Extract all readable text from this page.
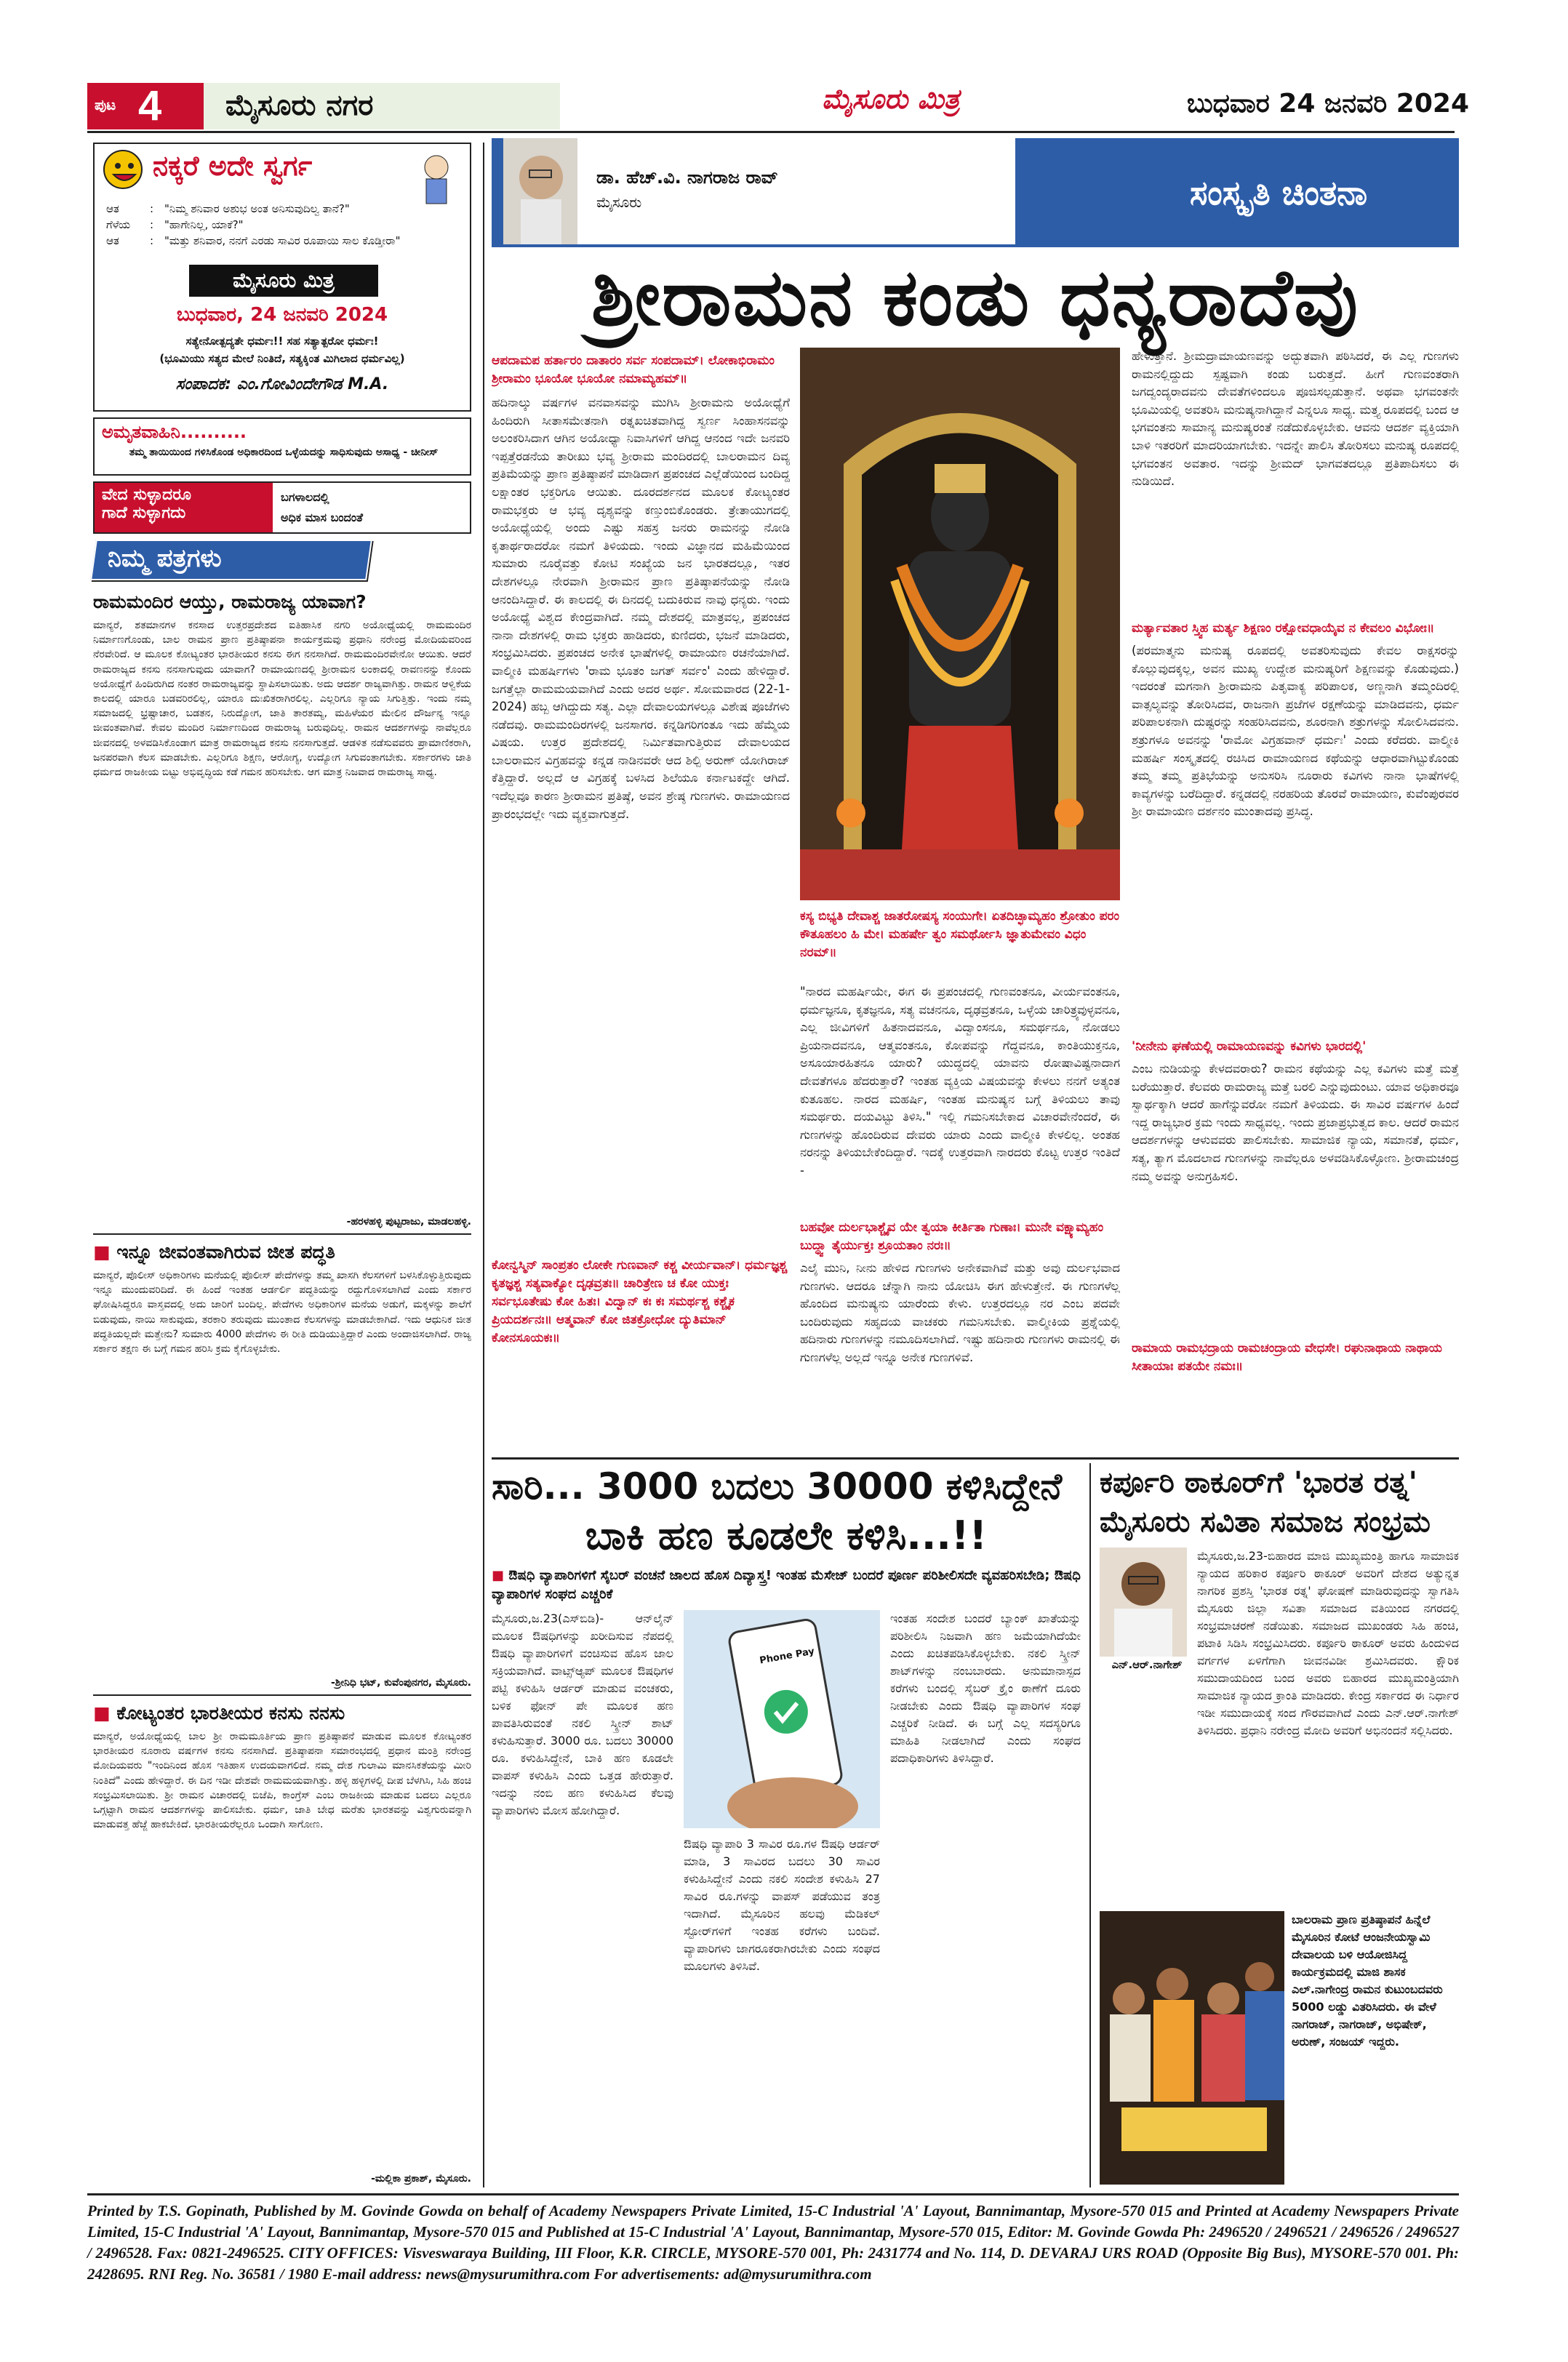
ಪುಟ 4 ಮೈಸೂರು ನಗರ	ಮೈಸೂರು ಮಿತ್ರ	ಬುಧವಾರ 24 ಜನವರಿ 2024
ನಕ್ಕರೆ ಅದೇ ಸ್ವರ್ಗ
ಆತ	: "ನಿಮ್ಮ ಶನಿವಾರ ಅಶುಭ ಅಂತ ಅನಿಸುವುದಿಲ್ವ ತಾನೆ?"
ಗೆಳೆಯ	: "ಹಾಗೇನಿಲ್ಲ, ಯಾಕೆ?"
ಆತ	: "ಮತ್ತು ಶನಿವಾರ, ನನಗೆ ಎರಡು ಸಾವಿರ ರೂಪಾಯಿ ಸಾಲ ಕೊಡ್ತೀರಾ"
ಮೈಸೂರು ಮಿತ್ರ
ಬುಧವಾರ, 24 ಜನವರಿ 2024
ಸತ್ಯೇನೋತ್ಪದ್ಯತೇ ಧರ್ಮಃ!! ಸಹ ಸತ್ಯಾತ್ಪರೋ ಧರ್ಮಃ!
(ಭೂಮಿಯು ಸತ್ಯದ ಮೇಲೆ ನಿಂತಿದೆ, ಸತ್ಯಕ್ಕಿಂತ ಮಿಗಿಲಾದ ಧರ್ಮವಿಲ್ಲ)
ಸಂಪಾದಕ: ಎಂ.ಗೋವಿಂದೇಗೌಡ M.A.
ಅಮೃತವಾಹಿನಿ..........
ತಮ್ಮ ತಾಯಿಯಿಂದ ಗಳಿಸಿಕೊಂಡ ಅಧಿಕಾರದಿಂದ ಒಳ್ಳೆಯದನ್ನು ಸಾಧಿಸುವುದು ಅಸಾಧ್ಯ - ಚೀನೀಸ್
ವೇದ ಸುಳ್ಳಾದರೂ
ಗಾದೆ ಸುಳ್ಳಾಗದು
ಬಗಳಾಲದಲ್ಲಿ
ಅಧಿಕ ಮಾಸ ಬಂದಂತೆ
ನಿಮ್ಮ ಪತ್ರಗಳು
ರಾಮಮಂದಿರ ಆಯ್ತು, ರಾಮರಾಜ್ಯ ಯಾವಾಗ?
ಮಾನ್ಯರೆ, ಶತಮಾನಗಳ ಕನಸಾದ ಉತ್ತರಪ್ರದೇಶದ ಐತಿಹಾಸಿಕ ನಗರಿ ಅಯೋಧ್ಯೆಯಲ್ಲಿ ರಾಮಮಂದಿರ ನಿರ್ಮಾಣಗೊಂಡು, ಬಾಲ ರಾಮನ ಪ್ರಾಣ ಪ್ರತಿಷ್ಠಾಪನಾ ಕಾರ್ಯಕ್ರಮವು ಪ್ರಧಾನಿ ನರೇಂದ್ರ ಮೋದಿಯವರಿಂದ ನೆರವೇರಿದೆ. ಆ ಮೂಲಕ ಕೋಟ್ಯಂತರ ಭಾರತೀಯರ ಕನಸು ಈಗ ನನಸಾಗಿದೆ. ರಾಮಮಂದಿರವೇನೋ ಆಯಿತು. ಆದರೆ ರಾಮರಾಜ್ಯದ ಕನಸು ನನಸಾಗುವುದು ಯಾವಾಗ? ರಾಮಾಯಣದಲ್ಲಿ ಶ್ರೀರಾಮನ ಲಂಕಾದಲ್ಲಿ ರಾವಣನನ್ನು ಕೊಂದು ಅಯೋಧ್ಯೆಗೆ ಹಿಂದಿರುಗಿದ ನಂತರ ರಾಮರಾಜ್ಯವನ್ನು ಸ್ಥಾಪಿಸಲಾಯಿತು. ಅದು ಆದರ್ಶ ರಾಜ್ಯವಾಗಿತ್ತು. ರಾಮನ ಆಳ್ವಿಕೆಯ ಕಾಲದಲ್ಲಿ ಯಾರೂ ಬಡವರಿರಲಿಲ್ಲ, ಯಾರೂ ದುಃಖಿತರಾಗಿರಲಿಲ್ಲ. ಎಲ್ಲರಿಗೂ ನ್ಯಾಯ ಸಿಗುತ್ತಿತ್ತು. ಇಂದು ನಮ್ಮ ಸಮಾಜದಲ್ಲಿ ಭ್ರಷ್ಟಾಚಾರ, ಬಡತನ, ನಿರುದ್ಯೋಗ, ಜಾತಿ ತಾರತಮ್ಯ, ಮಹಿಳೆಯರ ಮೇಲಿನ ದೌರ್ಜನ್ಯ ಇನ್ನೂ ಜೀವಂತವಾಗಿವೆ. ಕೇವಲ ಮಂದಿರ ನಿರ್ಮಾಣದಿಂದ ರಾಮರಾಜ್ಯ ಬರುವುದಿಲ್ಲ. ರಾಮನ ಆದರ್ಶಗಳನ್ನು ನಾವೆಲ್ಲರೂ ಜೀವನದಲ್ಲಿ ಅಳವಡಿಸಿಕೊಂಡಾಗ ಮಾತ್ರ ರಾಮರಾಜ್ಯದ ಕನಸು ನನಸಾಗುತ್ತದೆ. ಆಡಳಿತ ನಡೆಸುವವರು ಪ್ರಾಮಾಣಿಕರಾಗಿ, ಜನಪರವಾಗಿ ಕೆಲಸ ಮಾಡಬೇಕು. ಎಲ್ಲರಿಗೂ ಶಿಕ್ಷಣ, ಆರೋಗ್ಯ, ಉದ್ಯೋಗ ಸಿಗುವಂತಾಗಬೇಕು. ಸರ್ಕಾರಗಳು ಜಾತಿ ಧರ್ಮದ ರಾಜಕೀಯ ಬಿಟ್ಟು ಅಭಿವೃದ್ಧಿಯ ಕಡೆ ಗಮನ ಹರಿಸಬೇಕು. ಆಗ ಮಾತ್ರ ನಿಜವಾದ ರಾಮರಾಜ್ಯ ಸಾಧ್ಯ.
-ಹರಳಹಳ್ಳಿ ಪುಟ್ಟರಾಜು, ಮಾಡಲಹಳ್ಳಿ.
■ ಇನ್ನೂ ಜೀವಂತವಾಗಿರುವ ಜೀತ ಪದ್ಧತಿ
ಮಾನ್ಯರೆ, ಪೊಲೀಸ್ ಅಧಿಕಾರಿಗಳು ಮನೆಯಲ್ಲಿ ಪೊಲೀಸ್ ಪೇದೆಗಳನ್ನು ತಮ್ಮ ಖಾಸಗಿ ಕೆಲಸಗಳಿಗೆ ಬಳಸಿಕೊಳ್ಳುತ್ತಿರುವುದು ಇನ್ನೂ ಮುಂದುವರಿದಿದೆ. ಈ ಹಿಂದೆ ಇಂತಹ ಆರ್ಡರ್ಲಿ ಪದ್ಧತಿಯನ್ನು ರದ್ದುಗೊಳಿಸಲಾಗಿದೆ ಎಂದು ಸರ್ಕಾರ ಘೋಷಿಸಿದ್ದರೂ ವಾಸ್ತವದಲ್ಲಿ ಅದು ಜಾರಿಗೆ ಬಂದಿಲ್ಲ. ಪೇದೆಗಳು ಅಧಿಕಾರಿಗಳ ಮನೆಯ ಅಡುಗೆ, ಮಕ್ಕಳನ್ನು ಶಾಲೆಗೆ ಬಿಡುವುದು, ನಾಯಿ ಸಾಕುವುದು, ತರಕಾರಿ ತರುವುದು ಮುಂತಾದ ಕೆಲಸಗಳನ್ನು ಮಾಡಬೇಕಾಗಿದೆ. ಇದು ಆಧುನಿಕ ಜೀತ ಪದ್ಧತಿಯಲ್ಲದೇ ಮತ್ತೇನು? ಸುಮಾರು 4000 ಪೇದೆಗಳು ಈ ರೀತಿ ದುಡಿಯುತ್ತಿದ್ದಾರೆ ಎಂದು ಅಂದಾಜಿಸಲಾಗಿದೆ. ರಾಜ್ಯ ಸರ್ಕಾರ ತಕ್ಷಣ ಈ ಬಗ್ಗೆ ಗಮನ ಹರಿಸಿ ಕ್ರಮ ಕೈಗೊಳ್ಳಬೇಕು.
-ಶ್ರೀನಿಧಿ ಭಟ್, ಕುವೆಂಪುನಗರ, ಮೈಸೂರು.
■ ಕೋಟ್ಯಂತರ ಭಾರತೀಯರ ಕನಸು ನನಸು
ಮಾನ್ಯರೆ, ಅಯೋಧ್ಯೆಯಲ್ಲಿ ಬಾಲ ಶ್ರೀ ರಾಮಮೂರ್ತಿಯ ಪ್ರಾಣ ಪ್ರತಿಷ್ಠಾಪನೆ ಮಾಡುವ ಮೂಲಕ ಕೋಟ್ಯಂತರ ಭಾರತೀಯರ ನೂರಾರು ವರ್ಷಗಳ ಕನಸು ನನಸಾಗಿದೆ. ಪ್ರತಿಷ್ಠಾಪನಾ ಸಮಾರಂಭದಲ್ಲಿ ಪ್ರಧಾನ ಮಂತ್ರಿ ನರೇಂದ್ರ ಮೋದಿಯವರು "ಇಂದಿನಿಂದ ಹೊಸ ಇತಿಹಾಸ ಉದಯವಾಗಲಿದೆ. ನಮ್ಮ ದೇಶ ಗುಲಾಮಿ ಮಾನಸಿಕತೆಯನ್ನು ಮೀರಿ ನಿಂತಿದೆ" ಎಂದು ಹೇಳಿದ್ದಾರೆ. ಈ ದಿನ ಇಡೀ ದೇಶವೇ ರಾಮಮಯವಾಗಿತ್ತು. ಹಳ್ಳಿ ಹಳ್ಳಿಗಳಲ್ಲಿ ದೀಪ ಬೆಳಗಿಸಿ, ಸಿಹಿ ಹಂಚಿ ಸಂಭ್ರಮಿಸಲಾಯಿತು. ಶ್ರೀ ರಾಮನ ವಿಚಾರದಲ್ಲಿ ಬಿಜೆಪಿ, ಕಾಂಗ್ರೆಸ್ ಎಂಬ ರಾಜಕೀಯ ಮಾಡುವ ಬದಲು ಎಲ್ಲರೂ ಒಗ್ಗಟ್ಟಾಗಿ ರಾಮನ ಆದರ್ಶಗಳನ್ನು ಪಾಲಿಸಬೇಕು. ಧರ್ಮ, ಜಾತಿ ಬೇಧ ಮರೆತು ಭಾರತವನ್ನು ವಿಶ್ವಗುರುವನ್ನಾಗಿ ಮಾಡುವತ್ತ ಹೆಜ್ಜೆ ಹಾಕಬೇಕಿದೆ. ಭಾರತೀಯರೆಲ್ಲರೂ ಒಂದಾಗಿ ಸಾಗೋಣ.
-ಮಲ್ಲಿಕಾ ಪ್ರಕಾಶ್, ಮೈಸೂರು.
ಡಾ. ಹೆಚ್.ವಿ. ನಾಗರಾಜ ರಾವ್
ಮೈಸೂರು	ಸಂಸ್ಕೃತಿ ಚಿಂತನಾ
ಶ್ರೀರಾಮನ ಕಂಡು ಧನ್ಯರಾದೆವು
ಆಪದಾಮಪ ಹರ್ತಾರಂ ದಾತಾರಂ ಸರ್ವ ಸಂಪದಾಮ್। ಲೋಕಾಭಿರಾಮಂ ಶ್ರೀರಾಮಂ ಭೂಯೋ ಭೂಯೋ ನಮಾಮ್ಯಹಮ್॥
ಹದಿನಾಲ್ಕು ವರ್ಷಗಳ ವನವಾಸವನ್ನು ಮುಗಿಸಿ ಶ್ರೀರಾಮನು ಅಯೋಧ್ಯೆಗೆ ಹಿಂದಿರುಗಿ ಸೀತಾಸಮೇತನಾಗಿ ರತ್ನಖಚಿತವಾಗಿದ್ದ ಸ್ವರ್ಣ ಸಿಂಹಾಸನವನ್ನು ಅಲಂಕರಿಸಿದಾಗ ಆಗಿನ ಅಯೋಧ್ಯಾ ನಿವಾಸಿಗಳಿಗೆ ಆಗಿದ್ದ ಆನಂದ ಇದೇ ಜನವರಿ ಇಪ್ಪತ್ತೆರಡನೆಯ ತಾರೀಖು ಭವ್ಯ ಶ್ರೀರಾಮ ಮಂದಿರದಲ್ಲಿ ಬಾಲರಾಮನ ದಿವ್ಯ ಪ್ರತಿಮೆಯನ್ನು ಪ್ರಾಣ ಪ್ರತಿಷ್ಠಾಪನೆ ಮಾಡಿದಾಗ ಪ್ರಪಂಚದ ಎಲ್ಲೆಡೆಯಿಂದ ಬಂದಿದ್ದ ಲಕ್ಷಾಂತರ ಭಕ್ತರಿಗೂ ಆಯಿತು. ದೂರದರ್ಶನದ ಮೂಲಕ ಕೋಟ್ಯಂತರ ರಾಮಭಕ್ತರು ಆ ಭವ್ಯ ದೃಶ್ಯವನ್ನು ಕಣ್ತುಂಬಿಕೊಂಡರು. ತ್ರೇತಾಯುಗದಲ್ಲಿ ಅಯೋಧ್ಯೆಯಲ್ಲಿ ಅಂದು ಎಷ್ಟು ಸಹಸ್ರ ಜನರು ರಾಮನನ್ನು ನೋಡಿ ಕೃತಾರ್ಥರಾದರೋ ನಮಗೆ ತಿಳಿಯದು. ಇಂದು ವಿಜ್ಞಾನದ ಮಹಿಮೆಯಿಂದ ಸುಮಾರು ನೂರೈವತ್ತು ಕೋಟಿ ಸಂಖ್ಯೆಯ ಜನ ಭಾರತದಲ್ಲೂ, ಇತರ ದೇಶಗಳಲ್ಲೂ ನೇರವಾಗಿ ಶ್ರೀರಾಮನ ಪ್ರಾಣ ಪ್ರತಿಷ್ಠಾಪನೆಯನ್ನು ನೋಡಿ ಆನಂದಿಸಿದ್ದಾರೆ. ಈ ಕಾಲದಲ್ಲಿ ಈ ದಿನದಲ್ಲಿ ಬದುಕಿರುವ ನಾವು ಧನ್ಯರು. ಇಂದು ಅಯೋಧ್ಯೆ ವಿಶ್ವದ ಕೇಂದ್ರವಾಗಿದೆ. ನಮ್ಮ ದೇಶದಲ್ಲಿ ಮಾತ್ರವಲ್ಲ, ಪ್ರಪಂಚದ ನಾನಾ ದೇಶಗಳಲ್ಲಿ ರಾಮ ಭಕ್ತರು ಹಾಡಿದರು, ಕುಣಿದರು, ಭಜನೆ ಮಾಡಿದರು, ಸಂಭ್ರಮಿಸಿದರು. ಪ್ರಪಂಚದ ಅನೇಕ ಭಾಷೆಗಳಲ್ಲಿ ರಾಮಾಯಣ ರಚನೆಯಾಗಿದೆ. ವಾಲ್ಮೀಕಿ ಮಹರ್ಷಿಗಳು 'ರಾಮ ಭೂತಂ ಜಗತ್ ಸರ್ವಂ' ಎಂದು ಹೇಳಿದ್ದಾರೆ. ಜಗತ್ತೆಲ್ಲಾ ರಾಮಮಯವಾಗಿದೆ ಎಂದು ಅದರ ಅರ್ಥ. ಸೋಮವಾರದ (22-1-2024) ಹಬ್ಬ ಆಗಿದ್ದುದು ಸತ್ಯ. ಎಲ್ಲಾ ದೇವಾಲಯಗಳಲ್ಲೂ ವಿಶೇಷ ಪೂಜೆಗಳು ನಡೆದವು. ರಾಮಮಂದಿರಗಳಲ್ಲಿ ಜನಸಾಗರ. ಕನ್ನಡಿಗರಿಗಂತೂ ಇದು ಹೆಮ್ಮೆಯ ವಿಷಯ. ಉತ್ತರ ಪ್ರದೇಶದಲ್ಲಿ ನಿರ್ಮಿತವಾಗುತ್ತಿರುವ ದೇವಾಲಯದ ಬಾಲರಾಮನ ವಿಗ್ರಹವನ್ನು ಕನ್ನಡ ನಾಡಿನವರೇ ಆದ ಶಿಲ್ಪಿ ಅರುಣ್ ಯೋಗಿರಾಜ್ ಕೆತ್ತಿದ್ದಾರೆ. ಅಲ್ಲದೆ ಆ ವಿಗ್ರಹಕ್ಕೆ ಬಳಸಿದ ಶಿಲೆಯೂ ಕರ್ನಾಟಕದ್ದೇ ಆಗಿದೆ. ಇದೆಲ್ಲವೂ ಕಾರಣ ಶ್ರೀರಾಮನ ಪ್ರತಿಷ್ಠೆ, ಅವನ ಶ್ರೇಷ್ಠ ಗುಣಗಳು. ರಾಮಾಯಣದ ಪ್ರಾರಂಭದಲ್ಲೇ ಇದು ವ್ಯಕ್ತವಾಗುತ್ತದೆ.
ಕೋನ್ವಸ್ಮಿನ್ ಸಾಂಪ್ರತಂ ಲೋಕೇ ಗುಣವಾನ್ ಕಶ್ಚ ವೀರ್ಯವಾನ್। ಧರ್ಮಜ್ಞಶ್ಚ ಕೃತಜ್ಞಶ್ಚ ಸತ್ಯವಾಕ್ಯೋ ದೃಢವ್ರತಃ॥ ಚಾರಿತ್ರೇಣ ಚ ಕೋ ಯುಕ್ತಃ ಸರ್ವಭೂತೇಷು ಕೋ ಹಿತಃ। ವಿದ್ವಾನ್ ಕಃ ಕಃ ಸಮರ್ಥಶ್ಚ ಕಶ್ಚೈಕ ಪ್ರಿಯದರ್ಶನಃ॥ ಆತ್ಮವಾನ್ ಕೋ ಜಿತಕ್ರೋಧೋ ದ್ಯುತಿಮಾನ್ ಕೋನಸೂಯಕಃ॥
ಕಸ್ಯ ಬಿಭ್ಯತಿ ದೇವಾಶ್ಚ ಜಾತರೋಷಸ್ಯ ಸಂಯುಗೇ। ಏತದಿಚ್ಛಾಮ್ಯಹಂ ಶ್ರೋತುಂ ಪರಂ ಕೌತೂಹಲಂ ಹಿ ಮೇ। ಮಹರ್ಷೇ ತ್ವಂ ಸಮರ್ಥೋಸಿ ಜ್ಞಾತುಮೇವಂ ವಿಧಂ ನರಮ್॥
"ನಾರದ ಮಹರ್ಷಿಯೇ, ಈಗ ಈ ಪ್ರಪಂಚದಲ್ಲಿ ಗುಣವಂತನೂ, ವೀರ್ಯವಂತನೂ, ಧರ್ಮಜ್ಞನೂ, ಕೃತಜ್ಞನೂ, ಸತ್ಯ ವಚನನೂ, ದೃಢವ್ರತನೂ, ಒಳ್ಳೆಯ ಚಾರಿತ್ರ್ಯವುಳ್ಳವನೂ, ಎಲ್ಲ ಜೀವಿಗಳಿಗೆ ಹಿತನಾದವನೂ, ವಿದ್ವಾಂಸನೂ, ಸಮರ್ಥನೂ, ನೋಡಲು ಪ್ರಿಯನಾದವನೂ, ಆತ್ಮವಂತನೂ, ಕೋಪವನ್ನು ಗೆದ್ದವನೂ, ಕಾಂತಿಯುಕ್ತನೂ, ಅಸೂಯಾರಹಿತನೂ ಯಾರು? ಯುದ್ಧದಲ್ಲಿ ಯಾವನು ರೋಷಾವಿಷ್ಟನಾದಾಗ ದೇವತೆಗಳೂ ಹೆದರುತ್ತಾರೆ? ಇಂತಹ ವ್ಯಕ್ತಿಯ ವಿಷಯವನ್ನು ಕೇಳಲು ನನಗೆ ಅತ್ಯಂತ ಕುತೂಹಲ. ನಾರದ ಮಹರ್ಷಿ, ಇಂತಹ ಮನುಷ್ಯನ ಬಗ್ಗೆ ತಿಳಿಯಲು ತಾವು ಸಮರ್ಥರು. ದಯವಿಟ್ಟು ತಿಳಿಸಿ." ಇಲ್ಲಿ ಗಮನಿಸಬೇಕಾದ ವಿಚಾರವೇನೆಂದರೆ, ಈ ಗುಣಗಳನ್ನು ಹೊಂದಿರುವ ದೇವರು ಯಾರು ಎಂದು ವಾಲ್ಮೀಕಿ ಕೇಳಲಿಲ್ಲ. ಅಂತಹ ನರನನ್ನು ತಿಳಿಯಬೇಕೆಂದಿದ್ದಾರೆ. ಇದಕ್ಕೆ ಉತ್ತರವಾಗಿ ನಾರದರು ಕೊಟ್ಟ ಉತ್ತರ ಇಂತಿದೆ -
ಬಹವೋ ದುರ್ಲಭಾಶ್ಚೈವ ಯೇ ತ್ವಯಾ ಕೀರ್ತಿತಾ ಗುಣಾಃ। ಮುನೇ ವಕ್ಷ್ಯಾಮ್ಯಹಂ ಬುದ್ಧ್ವಾ ತೈರ್ಯುಕ್ತಃ ಶ್ರೂಯತಾಂ ನರಃ॥
ಎಲೈ ಮುನಿ, ನೀನು ಹೇಳಿದ ಗುಣಗಳು ಅನೇಕವಾಗಿವೆ ಮತ್ತು ಅವು ದುರ್ಲಭವಾದ ಗುಣಗಳು. ಆದರೂ ಚೆನ್ನಾಗಿ ನಾನು ಯೋಚಿಸಿ ಈಗ ಹೇಳುತ್ತೇನೆ. ಈ ಗುಣಗಳೆಲ್ಲ ಹೊಂದಿದ ಮನುಷ್ಯನು ಯಾರೆಂದು ಕೇಳು. ಉತ್ತರದಲ್ಲೂ ನರ ಎಂಬ ಪದವೇ ಬಂದಿರುವುದು ಸಹೃದಯ ವಾಚಕರು ಗಮನಿಸಬೇಕು. ವಾಲ್ಮೀಕಿಯ ಪ್ರಶ್ನೆಯಲ್ಲಿ ಹದಿನಾರು ಗುಣಗಳನ್ನು ನಮೂದಿಸಲಾಗಿದೆ. ಇಷ್ಟು ಹದಿನಾರು ಗುಣಗಳು ರಾಮನಲ್ಲಿ ಈ ಗುಣಗಳೆಲ್ಲ ಅಲ್ಲದೆ ಇನ್ನೂ ಅನೇಕ ಗುಣಗಳಿವೆ.
ಹೇಳುತ್ತಾನೆ. ಶ್ರೀಮದ್ರಾಮಾಯಣವನ್ನು ಅದ್ಭುತವಾಗಿ ಪಠಿಸಿದರೆ, ಈ ಎಲ್ಲ ಗುಣಗಳು ರಾಮನಲ್ಲಿದ್ದುದು ಸ್ಪಷ್ಟವಾಗಿ ಕಂಡು ಬರುತ್ತದೆ. ಹೀಗೆ ಗುಣವಂತರಾಗಿ ಜಗದ್ವಂದ್ಯರಾದವನು ದೇವತೆಗಳಿಂದಲೂ ಪೂಜಿಸಲ್ಪಡುತ್ತಾನೆ. ಅಥವಾ ಭಗವಂತನೇ ಭೂಮಿಯಲ್ಲಿ ಅವತರಿಸಿ ಮನುಷ್ಯನಾಗಿದ್ದಾನೆ ಎನ್ನಲೂ ಸಾಧ್ಯ. ಮತ್ತ್ಯ ರೂಪದಲ್ಲಿ ಬಂದ ಆ ಭಗವಂತನು ಸಾಮಾನ್ಯ ಮನುಷ್ಯರಂತೆ ನಡೆದುಕೊಳ್ಳಬೇಕು. ಆವನು ಆದರ್ಶ ವ್ಯಕ್ತಿಯಾಗಿ ಬಾಳಿ ಇತರರಿಗೆ ಮಾದರಿಯಾಗಬೇಕು. ಇದನ್ನೇ ಪಾಲಿಸಿ ತೋರಿಸಲು ಮನುಷ್ಯ ರೂಪದಲ್ಲಿ ಭಗವಂತನ ಅವತಾರ. ಇದನ್ನು ಶ್ರೀಮದ್ ಭಾಗವತದಲ್ಲೂ ಪ್ರತಿಪಾದಿಸಲು ಈ ನುಡಿಯಿದೆ.
ಮರ್ತ್ಯಾವತಾರ ಸ್ತ್ವಿಹ ಮರ್ತ್ಯ ಶಿಕ್ಷಣಂ ರಕ್ಷೋವಧಾಯೈವ ನ ಕೇವಲಂ ವಿಭೋಃ॥
(ಪರಮಾತ್ಮನು ಮನುಷ್ಯ ರೂಪದಲ್ಲಿ ಅವತರಿಸುವುದು ಕೇವಲ ರಾಕ್ಷಸರನ್ನು ಕೊಲ್ಲುವುದಕ್ಕಲ್ಲ, ಅವನ ಮುಖ್ಯ ಉದ್ದೇಶ ಮನುಷ್ಯರಿಗೆ ಶಿಕ್ಷಣವನ್ನು ಕೊಡುವುದು.) ಇದರಂತೆ ಮಗನಾಗಿ ಶ್ರೀರಾಮನು ಪಿತೃವಾಕ್ಯ ಪರಿಪಾಲಕ, ಅಣ್ಣನಾಗಿ ತಮ್ಮಂದಿರಲ್ಲಿ ವಾತ್ಸಲ್ಯವನ್ನು ತೋರಿಸಿದವ, ರಾಜನಾಗಿ ಪ್ರಜೆಗಳ ರಕ್ಷಣೆಯನ್ನು ಮಾಡಿದವನು, ಧರ್ಮ ಪರಿಪಾಲಕನಾಗಿ ದುಷ್ಟರನ್ನು ಸಂಹರಿಸಿದವನು, ಶೂರನಾಗಿ ಶತ್ರುಗಳನ್ನು ಸೋಲಿಸಿದವನು. ಶತ್ರುಗಳೂ ಅವನನ್ನು 'ರಾಮೋ ವಿಗ್ರಹವಾನ್ ಧರ್ಮಃ' ಎಂದು ಕರೆದರು. ವಾಲ್ಮೀಕಿ ಮಹರ್ಷಿ ಸಂಸ್ಕೃತದಲ್ಲಿ ರಚಿಸಿದ ರಾಮಾಯಣದ ಕಥೆಯನ್ನು ಆಧಾರವಾಗಿಟ್ಟುಕೊಂಡು ತಮ್ಮ ತಮ್ಮ ಪ್ರತಿಭೆಯನ್ನು ಅನುಸರಿಸಿ ನೂರಾರು ಕವಿಗಳು ನಾನಾ ಭಾಷೆಗಳಲ್ಲಿ ಕಾವ್ಯಗಳನ್ನು ಬರೆದಿದ್ದಾರೆ. ಕನ್ನಡದಲ್ಲಿ ನರಹರಿಯ ತೊರವೆ ರಾಮಾಯಣ, ಕುವೆಂಪುರವರ ಶ್ರೀ ರಾಮಾಯಣ ದರ್ಶನಂ ಮುಂತಾದವು ಪ್ರಸಿದ್ಧ.
'ನೀನೇನು ಘಣೆಯಲ್ಲಿ ರಾಮಾಯಣವನ್ನು ಕವಿಗಳು ಭಾರದಲ್ಲಿ'
ಎಂಬ ನುಡಿಯನ್ನು ಕೇಳದವರಾರು? ರಾಮನ ಕಥೆಯನ್ನು ಎಲ್ಲ ಕವಿಗಳು ಮತ್ತೆ ಮತ್ತೆ ಬರೆಯುತ್ತಾರೆ. ಕೆಲವರು ರಾಮರಾಜ್ಯ ಮತ್ತೆ ಬರಲಿ ಎನ್ನುವುದುಂಟು. ಯಾವ ಅಧಿಕಾರವೂ ಸ್ವಾರ್ಥಕ್ಕಾಗಿ ಆದರೆ ಹಾಗೆನ್ನುವರೋ ನಮಗೆ ತಿಳಿಯದು. ಈ ಸಾವಿರ ವರ್ಷಗಳ ಹಿಂದೆ ಇದ್ದ ರಾಜ್ಯಭಾರ ಕ್ರಮ ಇಂದು ಸಾಧ್ಯವಲ್ಲ. ಇಂದು ಪ್ರಜಾಪ್ರಭುತ್ವದ ಕಾಲ. ಆದರೆ ರಾಮನ ಆದರ್ಶಗಳನ್ನು ಆಳುವವರು ಪಾಲಿಸಬೇಕು. ಸಾಮಾಜಿಕ ನ್ಯಾಯ, ಸಮಾನತೆ, ಧರ್ಮ, ಸತ್ಯ, ತ್ಯಾಗ ಮೊದಲಾದ ಗುಣಗಳನ್ನು ನಾವೆಲ್ಲರೂ ಅಳವಡಿಸಿಕೊಳ್ಳೋಣ. ಶ್ರೀರಾಮಚಂದ್ರ ನಮ್ಮ ಅವನ್ನು ಅನುಗ್ರಹಿಸಲಿ.
ರಾಮಾಯ ರಾಮಭದ್ರಾಯ ರಾಮಚಂದ್ರಾಯ ವೇಧಸೇ। ರಘುನಾಥಾಯ ನಾಥಾಯ ಸೀತಾಯಾಃ ಪತಯೇ ನಮಃ॥
ಸಾರಿ... 3000 ಬದಲು 30000 ಕಳಿಸಿದ್ದೇನೆ
ಬಾಕಿ ಹಣ ಕೂಡಲೇ ಕಳಿಸಿ...!!
■ ಔಷಧಿ ವ್ಯಾಪಾರಿಗಳಿಗೆ ಸೈಬರ್ ವಂಚನೆ ಜಾಲದ ಹೊಸ ದಿವ್ಯಾಸ್ತ್ರ! ಇಂತಹ ಮೆಸೇಜ್ ಬಂದರೆ ಪೂರ್ಣ ಪರಿಶೀಲಿಸದೇ ವ್ಯವಹರಿಸಬೇಡಿ; ಔಷಧಿ ವ್ಯಾಪಾರಿಗಳ ಸಂಘದ ಎಚ್ಚರಿಕೆ
ಮೈಸೂರು,ಜ.23(ಎಸ್‌ಬಿಡಿ)- ಆನ್‌ಲೈನ್ ಮೂಲಕ ಔಷಧಿಗಳನ್ನು ಖರೀದಿಸುವ ನೆಪದಲ್ಲಿ ಔಷಧಿ ವ್ಯಾಪಾರಿಗಳಿಗೆ ವಂಚಿಸುವ ಹೊಸ ಜಾಲ ಸಕ್ರಿಯವಾಗಿದೆ. ವಾಟ್ಸ್‌ಆ್ಯಪ್ ಮೂಲಕ ಔಷಧಿಗಳ ಪಟ್ಟಿ ಕಳುಹಿಸಿ ಆರ್ಡರ್ ಮಾಡುವ ವಂಚಕರು, ಬಳಿಕ ಫೋನ್ ಪೇ ಮೂಲಕ ಹಣ ಪಾವತಿಸಿರುವಂತೆ ನಕಲಿ ಸ್ಕ್ರೀನ್ ಶಾಟ್ ಕಳುಹಿಸುತ್ತಾರೆ. 3000 ರೂ. ಬದಲು 30000 ರೂ. ಕಳುಹಿಸಿದ್ದೇನೆ, ಬಾಕಿ ಹಣ ಕೂಡಲೇ ವಾಪಸ್ ಕಳುಹಿಸಿ ಎಂದು ಒತ್ತಡ ಹೇರುತ್ತಾರೆ. ಇದನ್ನು ನಂಬಿ ಹಣ ಕಳುಹಿಸಿದ ಕೆಲವು ವ್ಯಾಪಾರಿಗಳು ಮೋಸ ಹೋಗಿದ್ದಾರೆ.
Phone Pay
ಇಂತಹ ಸಂದೇಶ ಬಂದರೆ ಬ್ಯಾಂಕ್ ಖಾತೆಯನ್ನು ಪರಿಶೀಲಿಸಿ ನಿಜವಾಗಿ ಹಣ ಜಮೆಯಾಗಿದೆಯೇ ಎಂದು ಖಚಿತಪಡಿಸಿಕೊಳ್ಳಬೇಕು. ನಕಲಿ ಸ್ಕ್ರೀನ್ ಶಾಟ್‌ಗಳನ್ನು ನಂಬಬಾರದು. ಅನುಮಾನಾಸ್ಪದ ಕರೆಗಳು ಬಂದಲ್ಲಿ ಸೈಬರ್ ಕ್ರೈಂ ಠಾಣೆಗೆ ದೂರು ನೀಡಬೇಕು ಎಂದು ಔಷಧಿ ವ್ಯಾಪಾರಿಗಳ ಸಂಘ ಎಚ್ಚರಿಕೆ ನೀಡಿದೆ. ಈ ಬಗ್ಗೆ ಎಲ್ಲ ಸದಸ್ಯರಿಗೂ ಮಾಹಿತಿ ನೀಡಲಾಗಿದೆ ಎಂದು ಸಂಘದ ಪದಾಧಿಕಾರಿಗಳು ತಿಳಿಸಿದ್ದಾರೆ.
ಔಷಧಿ ವ್ಯಾಪಾರಿ 3 ಸಾವಿರ ರೂ.ಗಳ ಔಷಧಿ ಆರ್ಡರ್ ಮಾಡಿ, 3 ಸಾವಿರದ ಬದಲು 30 ಸಾವಿರ ಕಳುಹಿಸಿದ್ದೇನೆ ಎಂದು ನಕಲಿ ಸಂದೇಶ ಕಳುಹಿಸಿ 27 ಸಾವಿರ ರೂ.ಗಳನ್ನು ವಾಪಸ್ ಪಡೆಯುವ ತಂತ್ರ ಇದಾಗಿದೆ. ಮೈಸೂರಿನ ಹಲವು ಮೆಡಿಕಲ್ ಸ್ಟೋರ್‌ಗಳಿಗೆ ಇಂತಹ ಕರೆಗಳು ಬಂದಿವೆ. ವ್ಯಾಪಾರಿಗಳು ಜಾಗರೂಕರಾಗಿರಬೇಕು ಎಂದು ಸಂಘದ ಮೂಲಗಳು ತಿಳಿಸಿವೆ.
ಕರ್ಪೂರಿ ಠಾಕೂರ್‌ಗೆ 'ಭಾರತ ರತ್ನ'
ಮೈಸೂರು ಸವಿತಾ ಸಮಾಜ ಸಂಭ್ರಮ
ಎನ್.ಆರ್.ನಾಗೇಶ್
ಮೈಸೂರು,ಜ.23-ಬಿಹಾರದ ಮಾಜಿ ಮುಖ್ಯಮಂತ್ರಿ ಹಾಗೂ ಸಾಮಾಜಿಕ ನ್ಯಾಯದ ಹರಿಕಾರ ಕರ್ಪೂರಿ ಠಾಕೂರ್ ಅವರಿಗೆ ದೇಶದ ಅತ್ಯುನ್ನತ ನಾಗರಿಕ ಪ್ರಶಸ್ತಿ 'ಭಾರತ ರತ್ನ' ಘೋಷಣೆ ಮಾಡಿರುವುದನ್ನು ಸ್ವಾಗತಿಸಿ ಮೈಸೂರು ಜಿಲ್ಲಾ ಸವಿತಾ ಸಮಾಜದ ವತಿಯಿಂದ ನಗರದಲ್ಲಿ ಸಂಭ್ರಮಾಚರಣೆ ನಡೆಯಿತು. ಸಮಾಜದ ಮುಖಂಡರು ಸಿಹಿ ಹಂಚಿ, ಪಟಾಕಿ ಸಿಡಿಸಿ ಸಂಭ್ರಮಿಸಿದರು. ಕರ್ಪೂರಿ ಠಾಕೂರ್ ಅವರು ಹಿಂದುಳಿದ ವರ್ಗಗಳ ಏಳಿಗೆಗಾಗಿ ಜೀವನವಿಡೀ ಶ್ರಮಿಸಿದವರು. ಕ್ಷೌರಿಕ ಸಮುದಾಯದಿಂದ ಬಂದ ಅವರು ಬಿಹಾರದ ಮುಖ್ಯಮಂತ್ರಿಯಾಗಿ ಸಾಮಾಜಿಕ ನ್ಯಾಯದ ಕ್ರಾಂತಿ ಮಾಡಿದರು. ಕೇಂದ್ರ ಸರ್ಕಾರದ ಈ ನಿರ್ಧಾರ ಇಡೀ ಸಮುದಾಯಕ್ಕೆ ಸಂದ ಗೌರವವಾಗಿದೆ ಎಂದು ಎನ್.ಆರ್.ನಾಗೇಶ್ ತಿಳಿಸಿದರು. ಪ್ರಧಾನಿ ನರೇಂದ್ರ ಮೋದಿ ಅವರಿಗೆ ಅಭಿನಂದನೆ ಸಲ್ಲಿಸಿದರು.
ಬಾಲರಾಮ ಪ್ರಾಣ ಪ್ರತಿಷ್ಠಾಪನೆ ಹಿನ್ನೆಲೆ ಮೈಸೂರಿನ ಕೋಟೆ ಆಂಜನೇಯಸ್ವಾಮಿ ದೇವಾಲಯ ಬಳಿ ಆಯೋಜಿಸಿದ್ದ ಕಾರ್ಯಕ್ರಮದಲ್ಲಿ ಮಾಜಿ ಶಾಸಕ ಎಲ್.ನಾಗೇಂದ್ರ ರಾಮನ ಕುಟುಂಬದವರು 5000 ಲಡ್ಡು ವಿತರಿಸಿದರು. ಈ ವೇಳೆ ನಾಗರಾಜ್, ನಾಗರಾಜ್, ಅಭಿಷೇಕ್, ಅರುಣ್, ಸಂಜಯ್ ಇದ್ದರು.
Printed by T.S. Gopinath, Published by M. Govinde Gowda on behalf of Academy Newspapers Private Limited, 15-C Industrial 'A' Layout, Bannimantap, Mysore-570 015 and Printed at Academy Newspapers Private Limited, 15-C Industrial 'A' Layout, Bannimantap, Mysore-570 015 and Published at 15-C Industrial 'A' Layout, Bannimantap, Mysore-570 015, Editor: M. Govinde Gowda Ph: 2496520 / 2496521 / 2496526 / 2496527 / 2496528. Fax: 0821-2496525. CITY OFFICES: Visveswaraya Building, III Floor, K.R. CIRCLE, MYSORE-570 001, Ph: 2431774 and No. 114, D. DEVARAJ URS ROAD (Opposite Big Bus), MYSORE-570 001. Ph: 2428695. RNI Reg. No. 36581 / 1980 E-mail address: news@mysurumithra.com For advertisements: ad@mysurumithra.com
